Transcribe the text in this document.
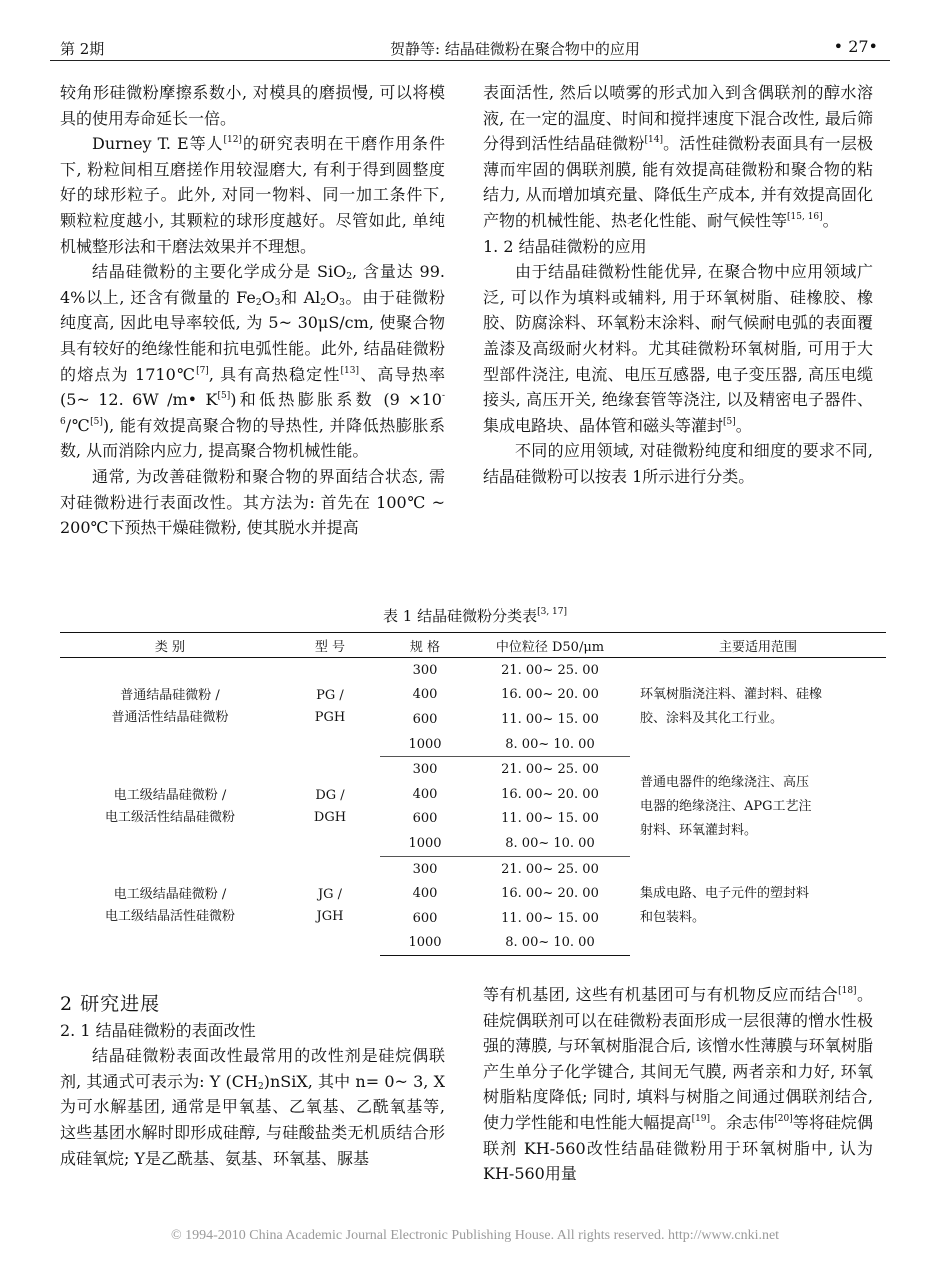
第 2期	贺静等: 结晶硅微粉在聚合物中的应用	• 27•

较角形硅微粉摩擦系数小, 对模具的磨损慢, 可以将模具的使用寿命延长一倍。

Durney T. E等人[12]的研究表明在干磨作用条件下, 粉粒间相互磨搓作用较湿磨大, 有利于得到圆整度好的球形粒子。此外, 对同一物料、同一加工条件下, 颗粒粒度越小, 其颗粒的球形度越好。尽管如此, 单纯机械整形法和干磨法效果并不理想。

结晶硅微粉的主要化学成分是 SiO$_2$, 含量达 99. 4%以上, 还含有微量的 $Fe_2O_3$和 $Al_2O_3$。由于硅微粉纯度高, 因此电导率较低, 为 5~ 30μS/cm, 使聚合物具有较好的绝缘性能和抗电弧性能。此外, 结晶硅微粉的熔点为 1710℃[7], 具有高热稳定性[13]、高导热率 (5~ 12. 6W /m• K[5])和低热膨胀系数 $(9 \times 10^{-6}/℃[5])$, 能有效提高聚合物的导热性, 并降低热膨胀系数, 从而消除内应力, 提高聚合物机械性能。

通常, 为改善硅微粉和聚合物的界面结合状态, 需对硅微粉进行表面改性。其方法为: 首先在 100℃ ~ 200℃下预热干燥硅微粉, 使其脱水并提高

表面活性, 然后以喷雾的形式加入到含偶联剂的醇水溶液, 在一定的温度、时间和搅拌速度下混合改性, 最后筛分得到活性结晶硅微粉[14]。活性硅微粉表面具有一层极薄而牢固的偶联剂膜, 能有效提高硅微粉和聚合物的粘结力, 从而增加填充量、降低生产成本, 并有效提高固化产物的机械性能、热老化性能、耐气候性等[15, 16]。

1. 2 结晶硅微粉的应用

由于结晶硅微粉性能优异, 在聚合物中应用领域广泛, 可以作为填料或辅料, 用于环氧树脂、硅橡胶、橡胶、防腐涂料、环氧粉末涂料、耐气候耐电弧的表面覆盖漆及高级耐火材料。尤其硅微粉环氧树脂, 可用于大型部件浇注, 电流、电压互感器, 电子变压器, 高压电缆接头, 高压开关, 绝缘套管等浇注, 以及精密电子器件、集成电路块、晶体管和磁头等灌封[5]。

不同的应用领域, 对硅微粉纯度和细度的要求不同, 结晶硅微粉可以按表 1所示进行分类。

表 1 结晶硅微粉分类表[3, 17]
类 别	型 号	规 格	中位粒径 D50/μm	主要适用范围

普通结晶硅微粉 /
普通活性结晶硅微粉	PG /
PGH	300	21. 00~ 25. 00	环氧树脂浇注料、灌封料、硅橡
胶、涂料及其化工行业。

		400	16. 00~ 20. 00	
		600	11. 00~ 15. 00	
		1000	8. 00~ 10. 00	

电工级结晶硅微粉 /
电工级活性结晶硅微粉	DG /
DGH	300	21. 00~ 25. 00	普通电器件的绝缘浇注、高压
电器的绝缘浇注、APG工艺注
射料、环氧灌封料。

		400	16. 00~ 20. 00	
		600	11. 00~ 15. 00	
		1000	8. 00~ 10. 00	

电工级结晶硅微粉 /
电工级结晶活性硅微粉	JG /
JGH	300	21. 00~ 25. 00	集成电路、电子元件的塑封料
和包装料。

		400	16. 00~ 20. 00	
		600	11. 00~ 15. 00	
		1000	8. 00~ 10. 00	

2 研究进展

2. 1 结晶硅微粉的表面改性

结晶硅微粉表面改性最常用的改性剂是硅烷偶联剂, 其通式可表示为: Y $(CH_2)nSiX$, 其中 n= 0~ 3, X为可水解基团, 通常是甲氧基、乙氧基、乙酰氧基等, 这些基团水解时即形成硅醇, 与硅酸盐类无机质结合形成硅氧烷; Y是乙酰基、氨基、环氧基、脲基

等有机基团, 这些有机基团可与有机物反应而结合[18]。硅烷偶联剂可以在硅微粉表面形成一层很薄的憎水性极强的薄膜, 与环氧树脂混合后, 该憎水性薄膜与环氧树脂产生单分子化学键合, 其间无气膜, 两者亲和力好, 环氧树脂粘度降低; 同时, 填料与树脂之间通过偶联剂结合, 使力学性能和电性能大幅提高[19]。余志伟[20]等将硅烷偶联剂 KH-560改性结晶硅微粉用于环氧树脂中, 认为 KH-560用量

© 1994-2010 China Academic Journal Electronic Publishing House. All rights reserved. http://www.cnki.net
